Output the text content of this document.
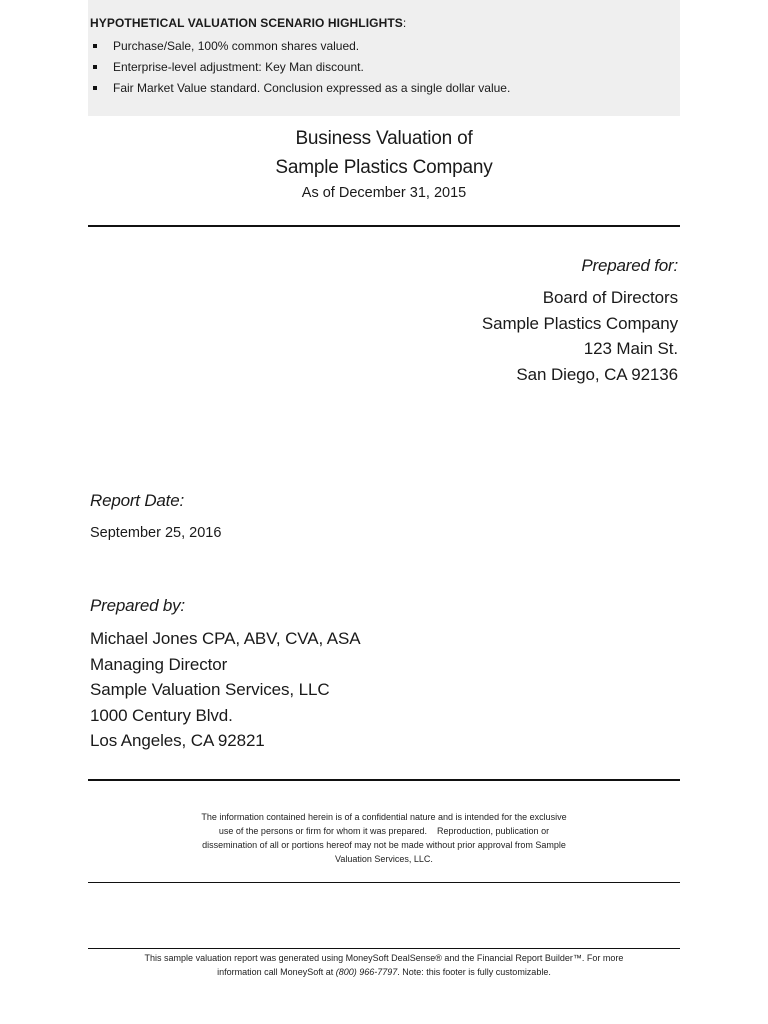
HYPOTHETICAL VALUATION SCENARIO HIGHLIGHTS:
Purchase/Sale, 100% common shares valued.
Enterprise-level adjustment: Key Man discount.
Fair Market Value standard. Conclusion expressed as a single dollar value.
Business Valuation of
Sample Plastics Company
As of December 31, 2015
Prepared for:
Board of Directors
Sample Plastics Company
123 Main St.
San Diego, CA 92136
Report Date:
September 25, 2016
Prepared by:
Michael Jones CPA, ABV, CVA, ASA
Managing Director
Sample Valuation Services, LLC
1000 Century Blvd.
Los Angeles, CA 92821
The information contained herein is of a confidential nature and is intended for the exclusive
use of the persons or firm for whom it was prepared.    Reproduction, publication or
dissemination of all or portions hereof may not be made without prior approval from Sample
Valuation Services, LLC.
This sample valuation report was generated using MoneySoft DealSense® and the Financial Report Builder™. For more
information call MoneySoft at (800) 966-7797. Note: this footer is fully customizable.
